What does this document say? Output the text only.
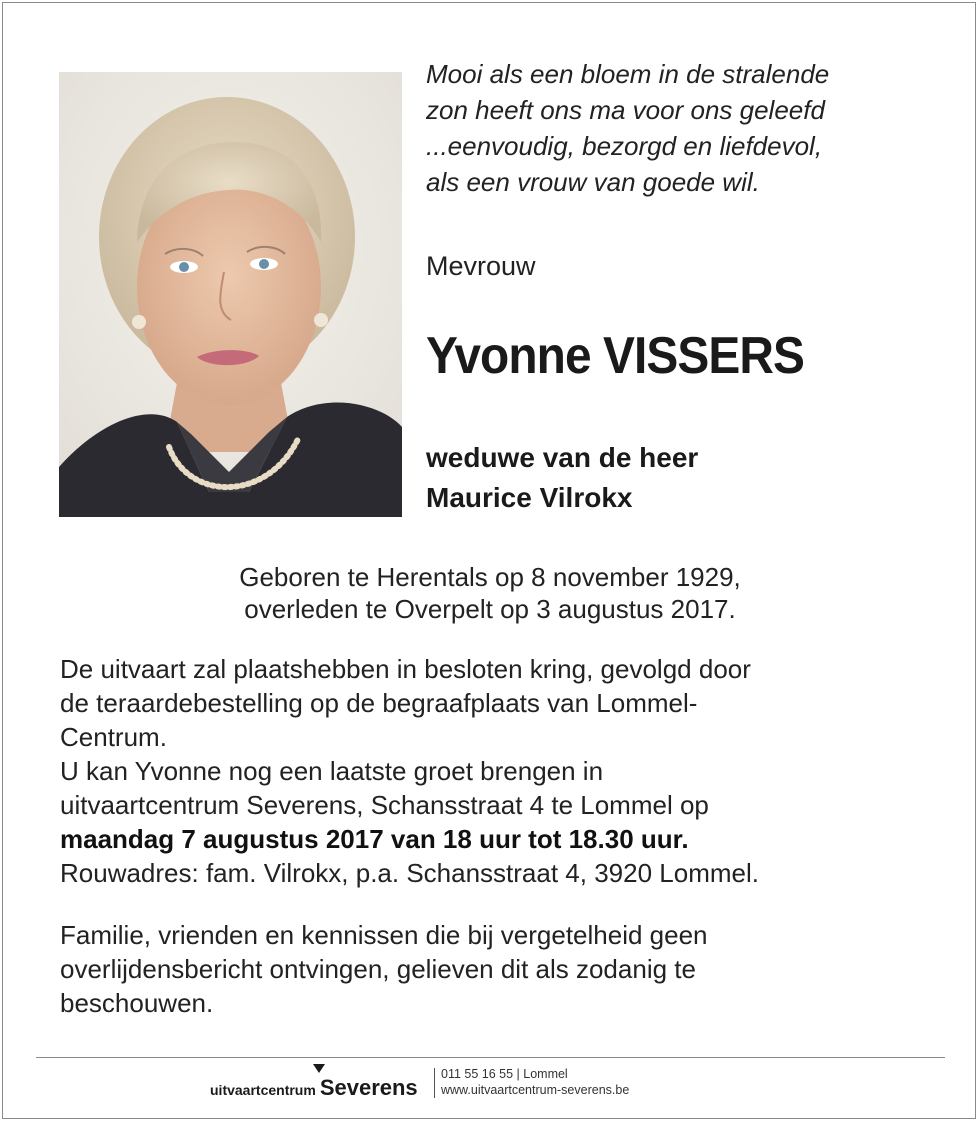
Mooi als een bloem in de stralende
zon heeft ons ma voor ons geleefd
...eenvoudig, bezorgd en liefdevol,
als een vrouw van goede wil.
Mevrouw
Yvonne VISSERS
weduwe van de heer
Maurice Vilrokx
Geboren te Herentals op 8 november 1929,
overleden te Overpelt op 3 augustus 2017.
De uitvaart zal plaatshebben in besloten kring, gevolgd door
de teraardebestelling op de begraafplaats van Lommel-
Centrum.
U kan Yvonne nog een laatste groet brengen in
uitvaartcentrum Severens, Schansstraat 4 te Lommel op
maandag 7 augustus 2017 van 18 uur tot 18.30 uur.
Rouwadres: fam. Vilrokx, p.a. Schansstraat 4, 3920 Lommel.
Familie, vrienden en kennissen die bij vergetelheid geen
overlijdensbericht ontvingen, gelieven dit als zodanig te
beschouwen.
uitvaartcentrum Severens
011 55 16 55 | Lommel
www.uitvaartcentrum-severens.be
